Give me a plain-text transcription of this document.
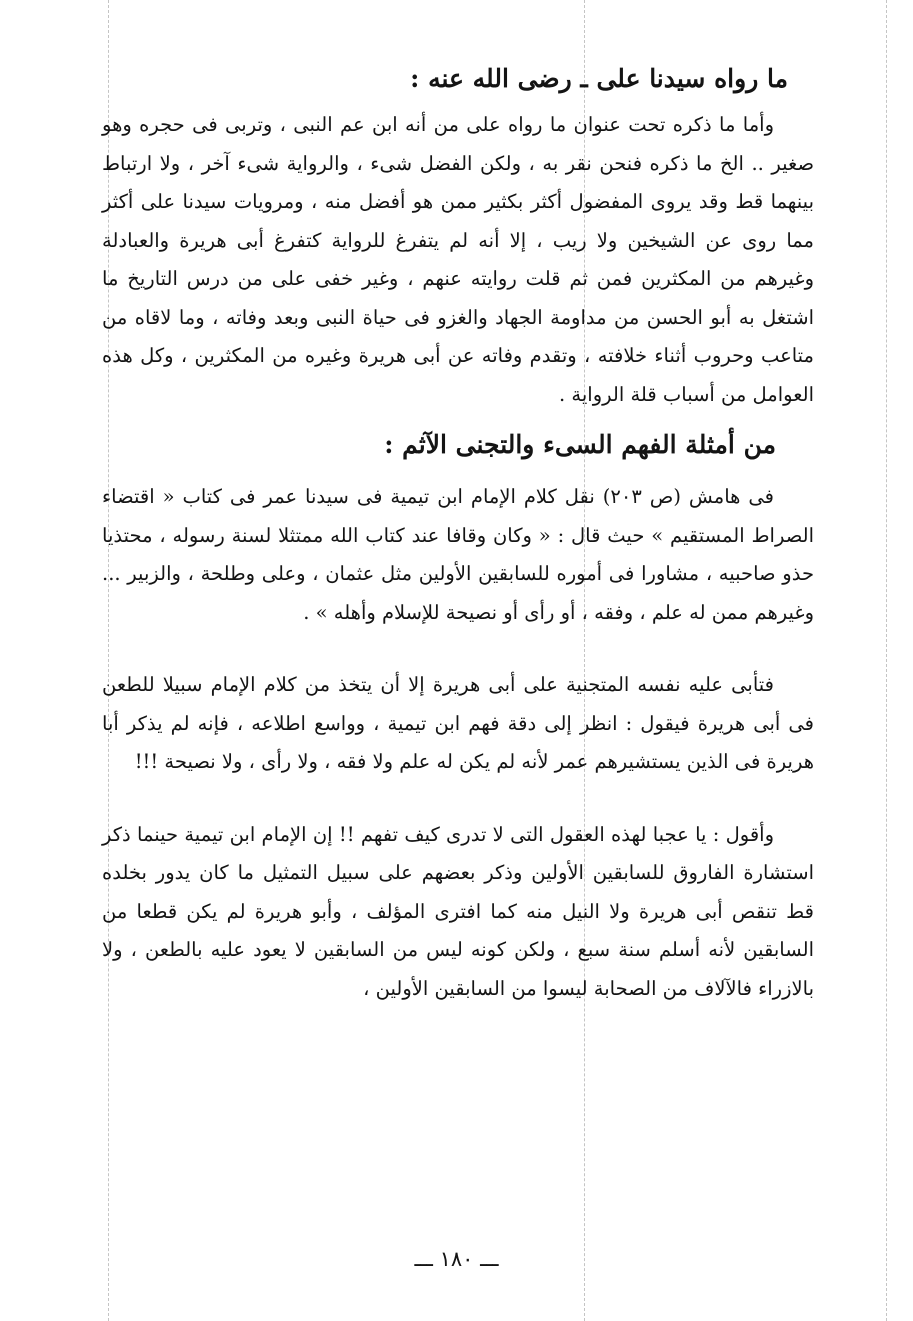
ما رواه سيدنا على ـ رضى الله عنه :

وأما ما ذكره تحت عنوان ما رواه على من أنه ابن عم النبى ، وتربى فى حجره وهو صغير .. الخ ما ذكره فنحن نقر به ، ولكن الفضل شىء ، والرواية شىء آخر ، ولا ارتباط بينهما قط وقد يروى المفضول أكثر بكثير ممن هو أفضل منه ، ومرويات سيدنا على أكثر مما روى عن الشيخين ولا ريب ، إلا أنه لم يتفرغ للرواية كتفرغ أبى هريرة والعبادلة وغيرهم من المكثرين فمن ثم قلت روايته عنهم ، وغير خفى على من درس التاريخ ما اشتغل به أبو الحسن من مداومة الجهاد والغزو فى حياة النبى وبعد وفاته ، وما لاقاه من متاعب وحروب أثناء خلافته ، وتقدم وفاته عن أبى هريرة وغيره من المكثرين ، وكل هذه العوامل من أسباب قلة الرواية .

من أمثلة الفهم السىء والتجنى الآثم :

فى هامش (ص ٢٠٣) نقل كلام الإمام ابن تيمية فى سيدنا عمر فى كتاب « اقتضاء الصراط المستقيم » حيث قال : « وكان وقافا عند كتاب الله ممتثلا لسنة رسوله ، محتذيا حذو صاحبيه ، مشاورا فى أموره للسابقين الأولين مثل عثمان ، وعلى وطلحة ، والزبير ... وغيرهم ممن له علم ، وفقه ، أو رأى أو نصيحة للإسلام وأهله » .

فتأبى عليه نفسه المتجنية على أبى هريرة إلا أن يتخذ من كلام الإمام سبيلا للطعن فى أبى هريرة فيقول : انظر إلى دقة فهم ابن تيمية ، وواسع اطلاعه ، فإنه لم يذكر أبا هريرة فى الذين يستشيرهم عمر لأنه لم يكن له علم ولا فقه ، ولا رأى ، ولا نصيحة !!!

وأقول : يا عجبا لهذه العقول التى لا تدرى كيف تفهم !! إن الإمام ابن تيمية حينما ذكر استشارة الفاروق للسابقين الأولين وذكر بعضهم على سبيل التمثيل ما كان يدور بخلده قط تنقص أبى هريرة ولا النيل منه كما افترى المؤلف ، وأبو هريرة لم يكن قطعا من السابقين لأنه أسلم سنة سبع ، ولكن كونه ليس من السابقين لا يعود عليه بالطعن ، ولا بالازراء فالآلاف من الصحابة ليسوا من السابقين الأولين ،

ـــ ١٨٠ ـــ
